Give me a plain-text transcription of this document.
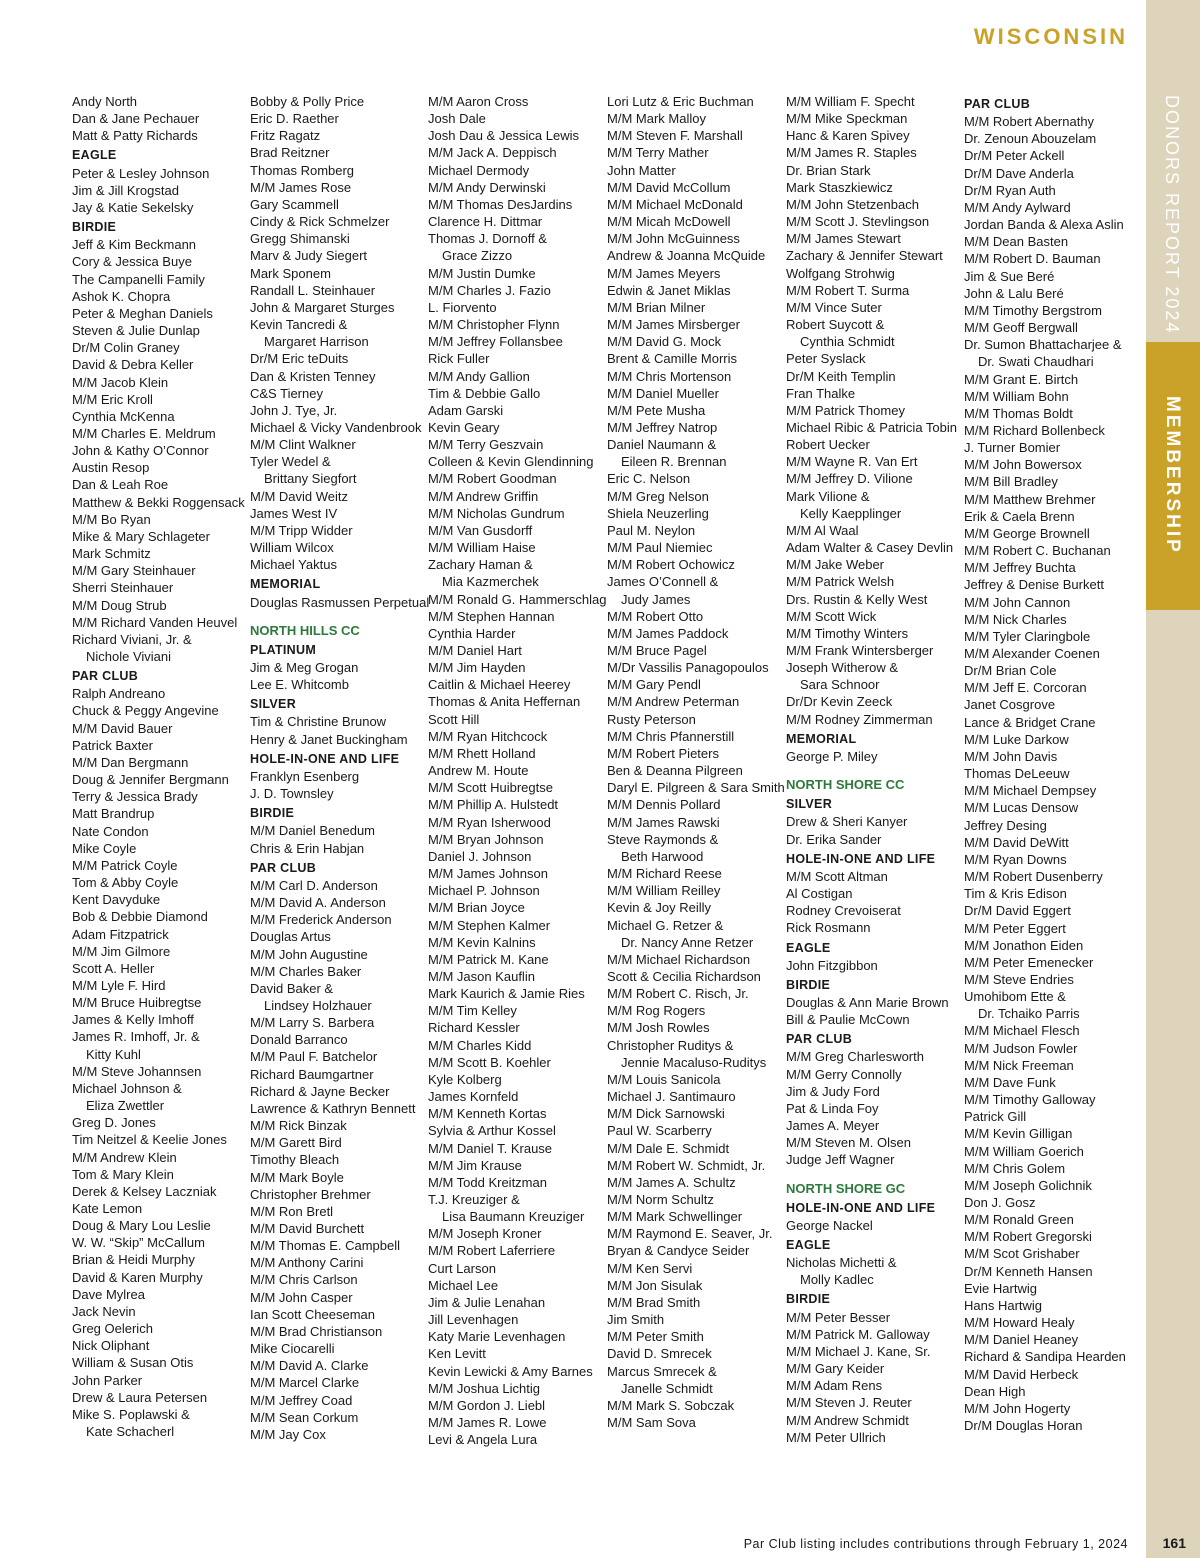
WISCONSIN
DONORS REPORT 2024
MEMBERSHIP
Andy North
Dan & Jane Pechauer
Matt & Patty Richards
EAGLE
Peter & Lesley Johnson
Jim & Jill Krogstad
Jay & Katie Sekelsky
BIRDIE
Jeff & Kim Beckmann
Cory & Jessica Buye
The Campanelli Family
Ashok K. Chopra
Peter & Meghan Daniels
Steven & Julie Dunlap
Dr/M Colin Graney
David & Debra Keller
M/M Jacob Klein
M/M Eric Kroll
Cynthia McKenna
M/M Charles E. Meldrum
John & Kathy O’Connor
Austin Resop
Dan & Leah Roe
Matthew & Bekki Roggensack
M/M Bo Ryan
Mike & Mary Schlageter
Mark Schmitz
M/M Gary Steinhauer
Sherri Steinhauer
M/M Doug Strub
M/M Richard Vanden Heuvel
Richard Viviani, Jr. &
Nichole Viviani
PAR CLUB
Ralph Andreano
Chuck & Peggy Angevine
M/M David Bauer
Patrick Baxter
M/M Dan Bergmann
Doug & Jennifer Bergmann
Terry & Jessica Brady
Matt Brandrup
Nate Condon
Mike Coyle
M/M Patrick Coyle
Tom & Abby Coyle
Kent Davyduke
Bob & Debbie Diamond
Adam Fitzpatrick
M/M Jim Gilmore
Scott A. Heller
M/M Lyle F. Hird
M/M Bruce Huibregtse
James & Kelly Imhoff
James R. Imhoff, Jr. &
Kitty Kuhl
M/M Steve Johannsen
Michael Johnson &
Eliza Zwettler
Greg D. Jones
Tim Neitzel & Keelie Jones
M/M Andrew Klein
Tom & Mary Klein
Derek & Kelsey Laczniak
Kate Lemon
Doug & Mary Lou Leslie
W. W. “Skip” McCallum
Brian & Heidi Murphy
David & Karen Murphy
Dave Mylrea
Jack Nevin
Greg Oelerich
Nick Oliphant
William & Susan Otis
John Parker
Drew & Laura Petersen
Mike S. Poplawski &
Kate Schacherl
Bobby & Polly Price
Eric D. Raether
Fritz Ragatz
Brad Reitzner
Thomas Romberg
M/M James Rose
Gary Scammell
Cindy & Rick Schmelzer
Gregg Shimanski
Marv & Judy Siegert
Mark Sponem
Randall L. Steinhauer
John & Margaret Sturges
Kevin Tancredi &
Margaret Harrison
Dr/M Eric teDuits
Dan & Kristen Tenney
C&S Tierney
John J. Tye, Jr.
Michael & Vicky Vandenbrook
M/M Clint Walkner
Tyler Wedel &
Brittany Siegfort
M/M David Weitz
James West IV
M/M Tripp Widder
William Wilcox
Michael Yaktus
MEMORIAL
Douglas Rasmussen Perpetual
NORTH HILLS CC
PLATINUM
Jim & Meg Grogan
Lee E. Whitcomb
SILVER
Tim & Christine Brunow
Henry & Janet Buckingham
HOLE-IN-ONE AND LIFE
Franklyn Esenberg
J. D. Townsley
BIRDIE
M/M Daniel Benedum
Chris & Erin Habjan
PAR CLUB
M/M Carl D. Anderson
M/M David A. Anderson
M/M Frederick Anderson
Douglas Artus
M/M John Augustine
M/M Charles Baker
David Baker &
Lindsey Holzhauer
M/M Larry S. Barbera
Donald Barranco
M/M Paul F. Batchelor
Richard Baumgartner
Richard & Jayne Becker
Lawrence & Kathryn Bennett
M/M Rick Binzak
M/M Garett Bird
Timothy Bleach
M/M Mark Boyle
Christopher Brehmer
M/M Ron Bretl
M/M David Burchett
M/M Thomas E. Campbell
M/M Anthony Carini
M/M Chris Carlson
M/M John Casper
Ian Scott Cheeseman
M/M Brad Christianson
Mike Ciocarelli
M/M David A. Clarke
M/M Marcel Clarke
M/M Jeffrey Coad
M/M Sean Corkum
M/M Jay Cox
M/M Aaron Cross
Josh Dale
Josh Dau & Jessica Lewis
M/M Jack A. Deppisch
Michael Dermody
M/M Andy Derwinski
M/M Thomas DesJardins
Clarence H. Dittmar
Thomas J. Dornoff &
Grace Zizzo
M/M Justin Dumke
M/M Charles J. Fazio
L. Fiorvento
M/M Christopher Flynn
M/M Jeffrey Follansbee
Rick Fuller
M/M Andy Gallion
Tim & Debbie Gallo
Adam Garski
Kevin Geary
M/M Terry Geszvain
Colleen & Kevin Glendinning
M/M Robert Goodman
M/M Andrew Griffin
M/M Nicholas Gundrum
M/M Van Gusdorff
M/M William Haise
Zachary Haman &
Mia Kazmerchek
M/M Ronald G. Hammerschlag
M/M Stephen Hannan
Cynthia Harder
M/M Daniel Hart
M/M Jim Hayden
Caitlin & Michael Heerey
Thomas & Anita Heffernan
Scott Hill
M/M Ryan Hitchcock
M/M Rhett Holland
Andrew M. Houte
M/M Scott Huibregtse
M/M Phillip A. Hulstedt
M/M Ryan Isherwood
M/M Bryan Johnson
Daniel J. Johnson
M/M James Johnson
Michael P. Johnson
M/M Brian Joyce
M/M Stephen Kalmer
M/M Kevin Kalnins
M/M Patrick M. Kane
M/M Jason Kauflin
Mark Kaurich & Jamie Ries
M/M Tim Kelley
Richard Kessler
M/M Charles Kidd
M/M Scott B. Koehler
Kyle Kolberg
James Kornfeld
M/M Kenneth Kortas
Sylvia & Arthur Kossel
M/M Daniel T. Krause
M/M Jim Krause
M/M Todd Kreitzman
T.J. Kreuziger &
Lisa Baumann Kreuziger
M/M Joseph Kroner
M/M Robert Laferriere
Curt Larson
Michael Lee
Jim & Julie Lenahan
Jill Levenhagen
Katy Marie Levenhagen
Ken Levitt
Kevin Lewicki & Amy Barnes
M/M Joshua Lichtig
M/M Gordon J. Liebl
M/M James R. Lowe
Levi & Angela Lura
Lori Lutz & Eric Buchman
M/M Mark Malloy
M/M Steven F. Marshall
M/M Terry Mather
John Matter
M/M David McCollum
M/M Michael McDonald
M/M Micah McDowell
M/M John McGuinness
Andrew & Joanna McQuide
M/M James Meyers
Edwin & Janet Miklas
M/M Brian Milner
M/M James Mirsberger
M/M David G. Mock
Brent & Camille Morris
M/M Chris Mortenson
M/M Daniel Mueller
M/M Pete Musha
M/M Jeffrey Natrop
Daniel Naumann &
Eileen R. Brennan
Eric C. Nelson
M/M Greg Nelson
Shiela Neuzerling
Paul M. Neylon
M/M Paul Niemiec
M/M Robert Ochowicz
James O’Connell &
Judy James
M/M Robert Otto
M/M James Paddock
M/M Bruce Pagel
M/Dr Vassilis Panagopoulos
M/M Gary Pendl
M/M Andrew Peterman
Rusty Peterson
M/M Chris Pfannerstill
M/M Robert Pieters
Ben & Deanna Pilgreen
Daryl E. Pilgreen & Sara Smith
M/M Dennis Pollard
M/M James Rawski
Steve Raymonds &
Beth Harwood
M/M Richard Reese
M/M William Reilley
Kevin & Joy Reilly
Michael G. Retzer &
Dr. Nancy Anne Retzer
M/M Michael Richardson
Scott & Cecilia Richardson
M/M Robert C. Risch, Jr.
M/M Rog Rogers
M/M Josh Rowles
Christopher Ruditys &
Jennie Macaluso-Ruditys
M/M Louis Sanicola
Michael J. Santimauro
M/M Dick Sarnowski
Paul W. Scarberry
M/M Dale E. Schmidt
M/M Robert W. Schmidt, Jr.
M/M James A. Schultz
M/M Norm Schultz
M/M Mark Schwellinger
M/M Raymond E. Seaver, Jr.
Bryan & Candyce Seider
M/M Ken Servi
M/M Jon Sisulak
M/M Brad Smith
Jim Smith
M/M Peter Smith
David D. Smrecek
Marcus Smrecek &
Janelle Schmidt
M/M Mark S. Sobczak
M/M Sam Sova
M/M William F. Specht
M/M Mike Speckman
Hanc & Karen Spivey
M/M James R. Staples
Dr. Brian Stark
Mark Staszkiewicz
M/M John Stetzenbach
M/M Scott J. Stevlingson
M/M James Stewart
Zachary & Jennifer Stewart
Wolfgang Strohwig
M/M Robert T. Surma
M/M Vince Suter
Robert Suycott &
Cynthia Schmidt
Peter Syslack
Dr/M Keith Templin
Fran Thalke
M/M Patrick Thomey
Michael Ribic & Patricia Tobin
Robert Uecker
M/M Wayne R. Van Ert
M/M Jeffrey D. Vilione
Mark Vilione &
Kelly Kaepplinger
M/M Al Waal
Adam Walter & Casey Devlin
M/M Jake Weber
M/M Patrick Welsh
Drs. Rustin & Kelly West
M/M Scott Wick
M/M Timothy Winters
M/M Frank Wintersberger
Joseph Witherow &
Sara Schnoor
Dr/Dr Kevin Zeeck
M/M Rodney Zimmerman
MEMORIAL
George P. Miley
NORTH SHORE CC
SILVER
Drew & Sheri Kanyer
Dr. Erika Sander
HOLE-IN-ONE AND LIFE
M/M Scott Altman
Al Costigan
Rodney Crevoiserat
Rick Rosmann
EAGLE
John Fitzgibbon
BIRDIE
Douglas & Ann Marie Brown
Bill & Paulie McCown
PAR CLUB
M/M Greg Charlesworth
M/M Gerry Connolly
Jim & Judy Ford
Pat & Linda Foy
James A. Meyer
M/M Steven M. Olsen
Judge Jeff Wagner
NORTH SHORE GC
HOLE-IN-ONE AND LIFE
George Nackel
EAGLE
Nicholas Michetti &
Molly Kadlec
BIRDIE
M/M Peter Besser
M/M Patrick M. Galloway
M/M Michael J. Kane, Sr.
M/M Gary Keider
M/M Adam Rens
M/M Steven J. Reuter
M/M Andrew Schmidt
M/M Peter Ullrich
PAR CLUB
M/M Robert Abernathy
Dr. Zenoun Abouzelam
Dr/M Peter Ackell
Dr/M Dave Anderla
Dr/M Ryan Auth
M/M Andy Aylward
Jordan Banda & Alexa Aslin
M/M Dean Basten
M/M Robert D. Bauman
Jim & Sue Beré
John & Lalu Beré
M/M Timothy Bergstrom
M/M Geoff Bergwall
Dr. Sumon Bhattacharjee &
Dr. Swati Chaudhari
M/M Grant E. Birtch
M/M William Bohn
M/M Thomas Boldt
M/M Richard Bollenbeck
J. Turner Bomier
M/M John Bowersox
M/M Bill Bradley
M/M Matthew Brehmer
Erik & Caela Brenn
M/M George Brownell
M/M Robert C. Buchanan
M/M Jeffrey Buchta
Jeffrey & Denise Burkett
M/M John Cannon
M/M Nick Charles
M/M Tyler Claringbole
M/M Alexander Coenen
Dr/M Brian Cole
M/M Jeff E. Corcoran
Janet Cosgrove
Lance & Bridget Crane
M/M Luke Darkow
M/M John Davis
Thomas DeLeeuw
M/M Michael Dempsey
M/M Lucas Densow
Jeffrey Desing
M/M David DeWitt
M/M Ryan Downs
M/M Robert Dusenberry
Tim & Kris Edison
Dr/M David Eggert
M/M Peter Eggert
M/M Jonathon Eiden
M/M Peter Emenecker
M/M Steve Endries
Umohibom Ette &
Dr. Tchaiko Parris
M/M Michael Flesch
M/M Judson Fowler
M/M Nick Freeman
M/M Dave Funk
M/M Timothy Galloway
Patrick Gill
M/M Kevin Gilligan
M/M William Goerich
M/M Chris Golem
M/M Joseph Golichnik
Don J. Gosz
M/M Ronald Green
M/M Robert Gregorski
M/M Scot Grishaber
Dr/M Kenneth Hansen
Evie Hartwig
Hans Hartwig
M/M Howard Healy
M/M Daniel Heaney
Richard & Sandipa Hearden
M/M David Herbeck
Dean High
M/M John Hogerty
Dr/M Douglas Horan
Par Club listing includes contributions through February 1, 2024 161
